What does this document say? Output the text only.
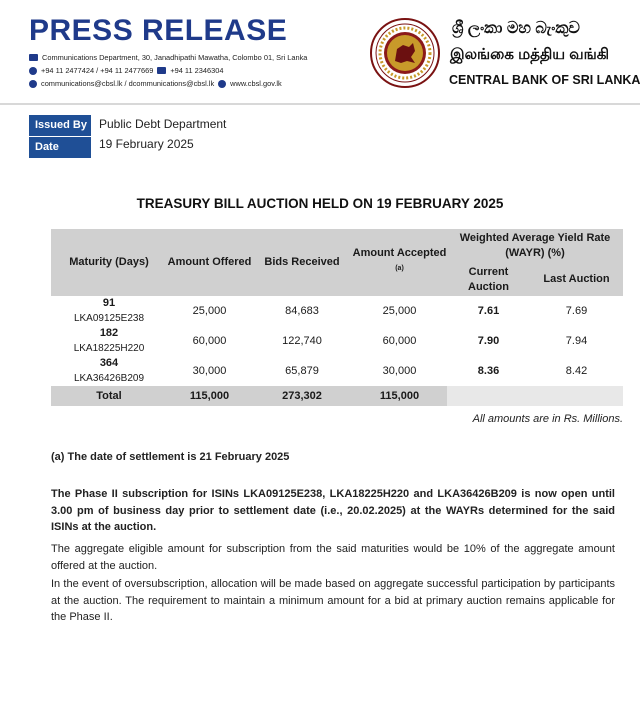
PRESS RELEASE
Communications Department, 30, Janadhipathi Mawatha, Colombo 01, Sri Lanka
+94 11 2477424 / +94 11 2477669 +94 11 2346304
communications@cbsl.lk / dcommunications@cbsl.lk www.cbsl.gov.lk
ශ්‍රී ලංකා මහ බැංකුව
இலங்கை மத்திய வங்கி
CENTRAL BANK OF SRI LANKA
Issued By	Public Debt Department
Date	19 February 2025
TREASURY BILL AUCTION HELD ON 19 FEBRUARY 2025
Maturity (Days)	Amount Offered	Bids Received	Amount Accepted $^{(a)}$	Weighted Average Yield Rate (WAYR) (%)	
				Current Auction	Last Auction

91
LKA09125E238	25,000	84,683	25,000	7.61	7.69

182
LKA18225H220	60,000	122,740	60,000	7.90	7.94

364
LKA36426B209	30,000	65,879	30,000	8.36	8.42
Total	115,000	273,302	115,000		
All amounts are in Rs. Millions.
(a) The date of settlement is 21 February 2025
The Phase II subscription for ISINs LKA09125E238, LKA18225H220 and LKA36426B209 is now open until 3.00 pm of business day prior to settlement date (i.e., 20.02.2025) at the WAYRs determined for the said ISINs at the auction.
The aggregate eligible amount for subscription from the said maturities would be 10% of the aggregate amount offered at the auction.
In the event of oversubscription, allocation will be made based on aggregate successful participation by participants at the auction. The requirement to maintain a minimum amount for a bid at primary auction remains applicable for the Phase II.
